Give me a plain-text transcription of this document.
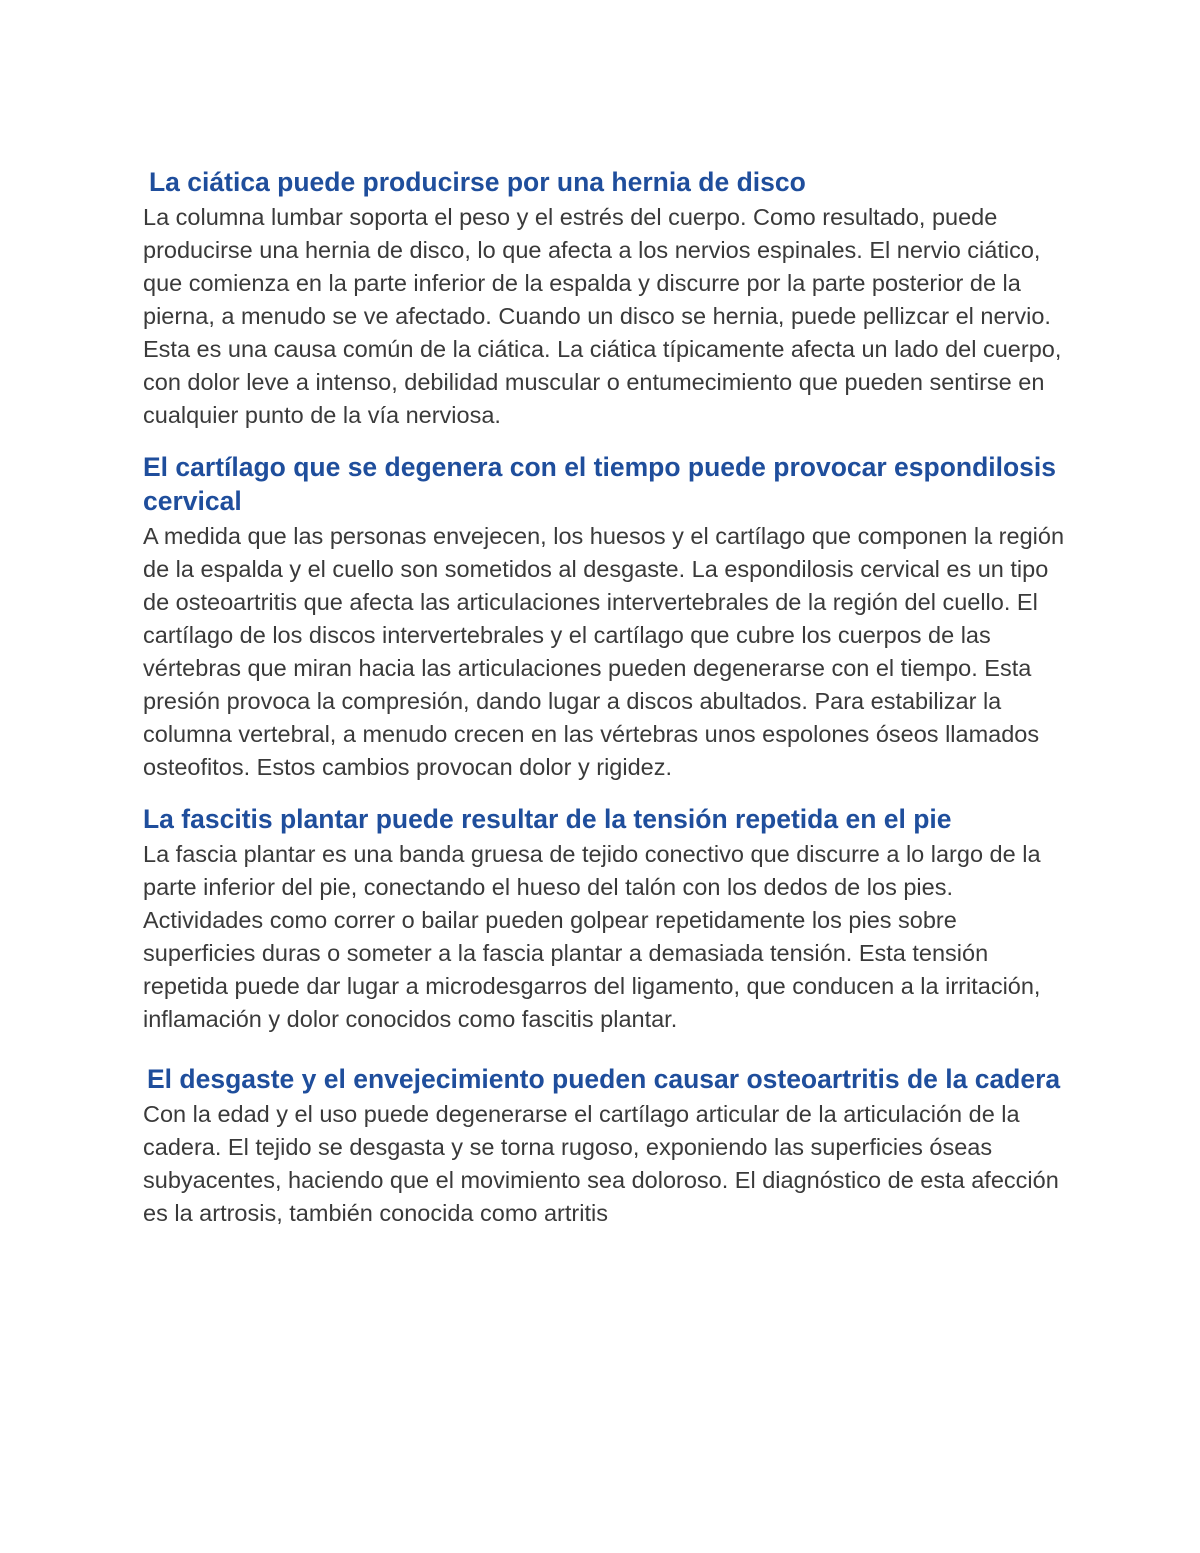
La ciática puede producirse por una hernia de disco

La columna lumbar soporta el peso y el estrés del cuerpo. Como resultado, puede producirse una hernia de disco, lo que afecta a los nervios espinales. El nervio ciático, que comienza en la parte inferior de la espalda y discurre por la parte posterior de la pierna, a menudo se ve afectado. Cuando un disco se hernia, puede pellizcar el nervio. Esta es una causa común de la ciática. La ciática típicamente afecta un lado del cuerpo, con dolor leve a intenso, debilidad muscular o entumecimiento que pueden sentirse en cualquier punto de la vía nerviosa.

El cartílago que se degenera con el tiempo puede provocar espondilosis cervical

A medida que las personas envejecen, los huesos y el cartílago que componen la región de la espalda y el cuello son sometidos al desgaste. La espondilosis cervical es un tipo de osteoartritis que afecta las articulaciones intervertebrales de la región del cuello. El cartílago de los discos intervertebrales y el cartílago que cubre los cuerpos de las vértebras que miran hacia las articulaciones pueden degenerarse con el tiempo. Esta presión provoca la compresión, dando lugar a discos abultados. Para estabilizar la columna vertebral, a menudo crecen en las vértebras unos espolones óseos llamados osteofitos. Estos cambios provocan dolor y rigidez.

La fascitis plantar puede resultar de la tensión repetida en el pie

La fascia plantar es una banda gruesa de tejido conectivo que discurre a lo largo de la parte inferior del pie, conectando el hueso del talón con los dedos de los pies. Actividades como correr o bailar pueden golpear repetidamente los pies sobre superficies duras o someter a la fascia plantar a demasiada tensión. Esta tensión repetida puede dar lugar a microdesgarros del ligamento, que conducen a la irritación, inflamación y dolor conocidos como fascitis plantar.

El desgaste y el envejecimiento pueden causar osteoartritis de la cadera

Con la edad y el uso puede degenerarse el cartílago articular de la articulación de la cadera. El tejido se desgasta y se torna rugoso, exponiendo las superficies óseas subyacentes, haciendo que el movimiento sea doloroso. El diagnóstico de esta afección es la artrosis, también conocida como artritis
